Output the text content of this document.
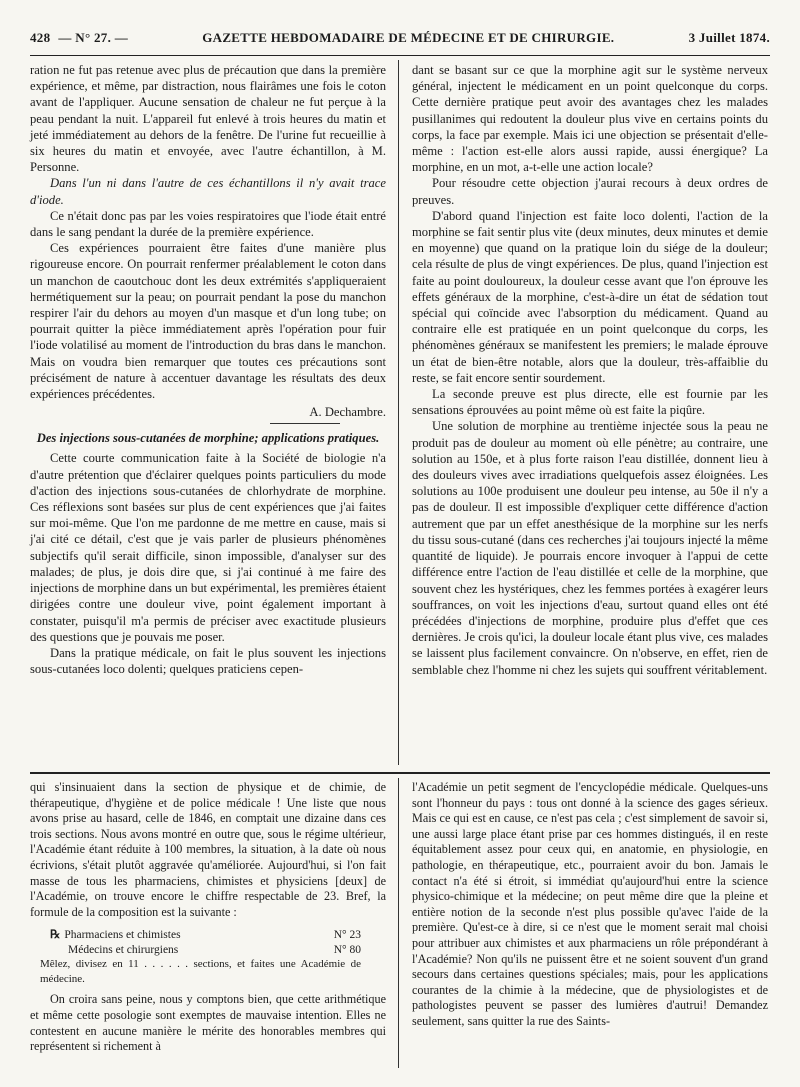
428 — N° 27. —	GAZETTE HEBDOMADAIRE DE MÉDECINE ET DE CHIRURGIE.	3 Juillet 1874.

ration ne fut pas retenue avec plus de précaution que dans la première expérience, et même, par distraction, nous flairâmes une fois le coton avant de l'appliquer. Aucune sensation de chaleur ne fut perçue à la peau pendant la nuit. L'appareil fut enlevé à trois heures du matin et jeté immédiatement au dehors de la fenêtre. De l'urine fut recueillie à six heures du matin et envoyée, avec l'autre échantillon, à M. Personne.

Dans l'un ni dans l'autre de ces échantillons il n'y avait trace d'iode.

Ce n'était donc pas par les voies respiratoires que l'iode était entré dans le sang pendant la durée de la première expérience.

Ces expériences pourraient être faites d'une manière plus rigoureuse encore. On pourrait renfermer préalablement le coton dans un manchon de caoutchouc dont les deux extrémités s'appliqueraient hermétiquement sur la peau; on pourrait pendant la pose du manchon respirer l'air du dehors au moyen d'un masque et d'un long tube; on pourrait quitter la pièce immédiatement après l'opération pour fuir l'iode volatilisé au moment de l'introduction du bras dans le manchon. Mais on voudra bien remarquer que toutes ces précautions sont précisément de nature à accentuer davantage les résultats des deux expériences précédentes.

A. Dechambre.

Des injections sous-cutanées de morphine; applications pratiques.

Cette courte communication faite à la Société de biologie n'a d'autre prétention que d'éclairer quelques points particuliers du mode d'action des injections sous-cutanées de chlorhydrate de morphine. Ces réflexions sont basées sur plus de cent expériences que j'ai faites sur moi-même. Que l'on me pardonne de me mettre en cause, mais si j'ai cité ce détail, c'est que je vais parler de plusieurs phénomènes subjectifs qu'il serait difficile, sinon impossible, d'analyser sur des malades; de plus, je dois dire que, si j'ai continué à me faire des injections de morphine dans un but expérimental, les premières étaient dirigées contre une douleur vive, point également important à constater, puisqu'il m'a permis de préciser avec exactitude plusieurs des questions que je pouvais me poser.

Dans la pratique médicale, on fait le plus souvent les injections sous-cutanées loco dolenti; quelques praticiens cepen-

dant se basant sur ce que la morphine agit sur le système nerveux général, injectent le médicament en un point quelconque du corps. Cette dernière pratique peut avoir des avantages chez les malades pusillanimes qui redoutent la douleur plus vive en certains points du corps, la face par exemple. Mais ici une objection se présentait d'elle-même : l'action est-elle alors aussi rapide, aussi énergique? La morphine, en un mot, a-t-elle une action locale?

Pour résoudre cette objection j'aurai recours à deux ordres de preuves.

D'abord quand l'injection est faite loco dolenti, l'action de la morphine se fait sentir plus vite (deux minutes, deux minutes et demie en moyenne) que quand on la pratique loin du siége de la douleur; cela résulte de plus de vingt expériences. De plus, quand l'injection est faite au point douloureux, la douleur cesse avant que l'on éprouve les effets généraux de la morphine, c'est-à-dire un état de sédation tout spécial qui coïncide avec l'absorption du médicament. Quand au contraire elle est pratiquée en un point quelconque du corps, les phénomènes généraux se manifestent les premiers; le malade éprouve un état de bien-être notable, alors que la douleur, très-affaiblie du reste, se fait encore sentir sourdement.

La seconde preuve est plus directe, elle est fournie par les sensations éprouvées au point même où est faite la piqûre.

Une solution de morphine au trentième injectée sous la peau ne produit pas de douleur au moment où elle pénètre; au contraire, une solution au 150e, et à plus forte raison l'eau distillée, donnent lieu à des douleurs vives avec irradiations quelquefois assez éloignées. Les solutions au 100e produisent une douleur peu intense, au 50e il n'y a pas de douleur. Il est impossible d'expliquer cette différence d'action autrement que par un effet anesthésique de la morphine sur les nerfs du tissu sous-cutané (dans ces recherches j'ai toujours injecté la même quantité de liquide). Je pourrais encore invoquer à l'appui de cette différence entre l'action de l'eau distillée et celle de la morphine, que souvent chez les hystériques, chez les femmes portées à exagérer leurs souffrances, on voit les injections d'eau, surtout quand elles ont été précédées d'injections de morphine, produire plus d'effet que ces dernières. Je crois qu'ici, la douleur locale étant plus vive, ces malades se laissent plus facilement convaincre. On n'observe, en effet, rien de semblable chez l'homme ni chez les sujets qui souffrent véritablement.

qui s'insinuaient dans la section de physique et de chimie, de thérapeutique, d'hygiène et de police médicale ! Une liste que nous avons prise au hasard, celle de 1846, en comptait une dizaine dans ces trois sections. Nous avons montré en outre que, sous le régime ultérieur, l'Académie étant réduite à 100 membres, la situation, à la date où nous écrivions, s'était plutôt aggravée qu'améliorée. Aujourd'hui, si l'on fait masse de tous les pharmaciens, chimistes et physiciens [deux] de l'Académie, on trouve encore le chiffre respectable de 23. Bref, la formule de la composition est la suivante :

℞ Pharmaciens et chimistes	N° 23
Médecins et chirurgiens	N° 80
Mêlez, divisez en 11 . . . . . . sections, et faites une Académie de médecine.

On croira sans peine, nous y comptons bien, que cette arithmétique et même cette posologie sont exemptes de mauvaise intention. Elles ne contestent en aucune manière le mérite des honorables membres qui représentent si richement à

l'Académie un petit segment de l'encyclopédie médicale. Quelques-uns sont l'honneur du pays : tous ont donné à la science des gages sérieux. Mais ce qui est en cause, ce n'est pas cela ; c'est simplement de savoir si, une aussi large place étant prise par ces hommes distingués, il en reste équitablement assez pour ceux qui, en anatomie, en physiologie, en pathologie, en thérapeutique, etc., pourraient avoir du bon. Jamais le contact n'a été si étroit, si immédiat qu'aujourd'hui entre la science physico-chimique et la médecine; on peut même dire que la pleine et entière notion de la seconde n'est plus possible qu'avec l'aide de la première. Qu'est-ce à dire, si ce n'est que le moment serait mal choisi pour attribuer aux chimistes et aux pharmaciens un rôle prépondérant à l'Académie? Non qu'ils ne puissent être et ne soient souvent d'un grand secours dans certaines questions spéciales; mais, pour les applications courantes de la chimie à la médecine, que de physiologistes et de pathologistes peuvent se passer des lumières d'autrui! Demandez seulement, sans quitter la rue des Saints-
